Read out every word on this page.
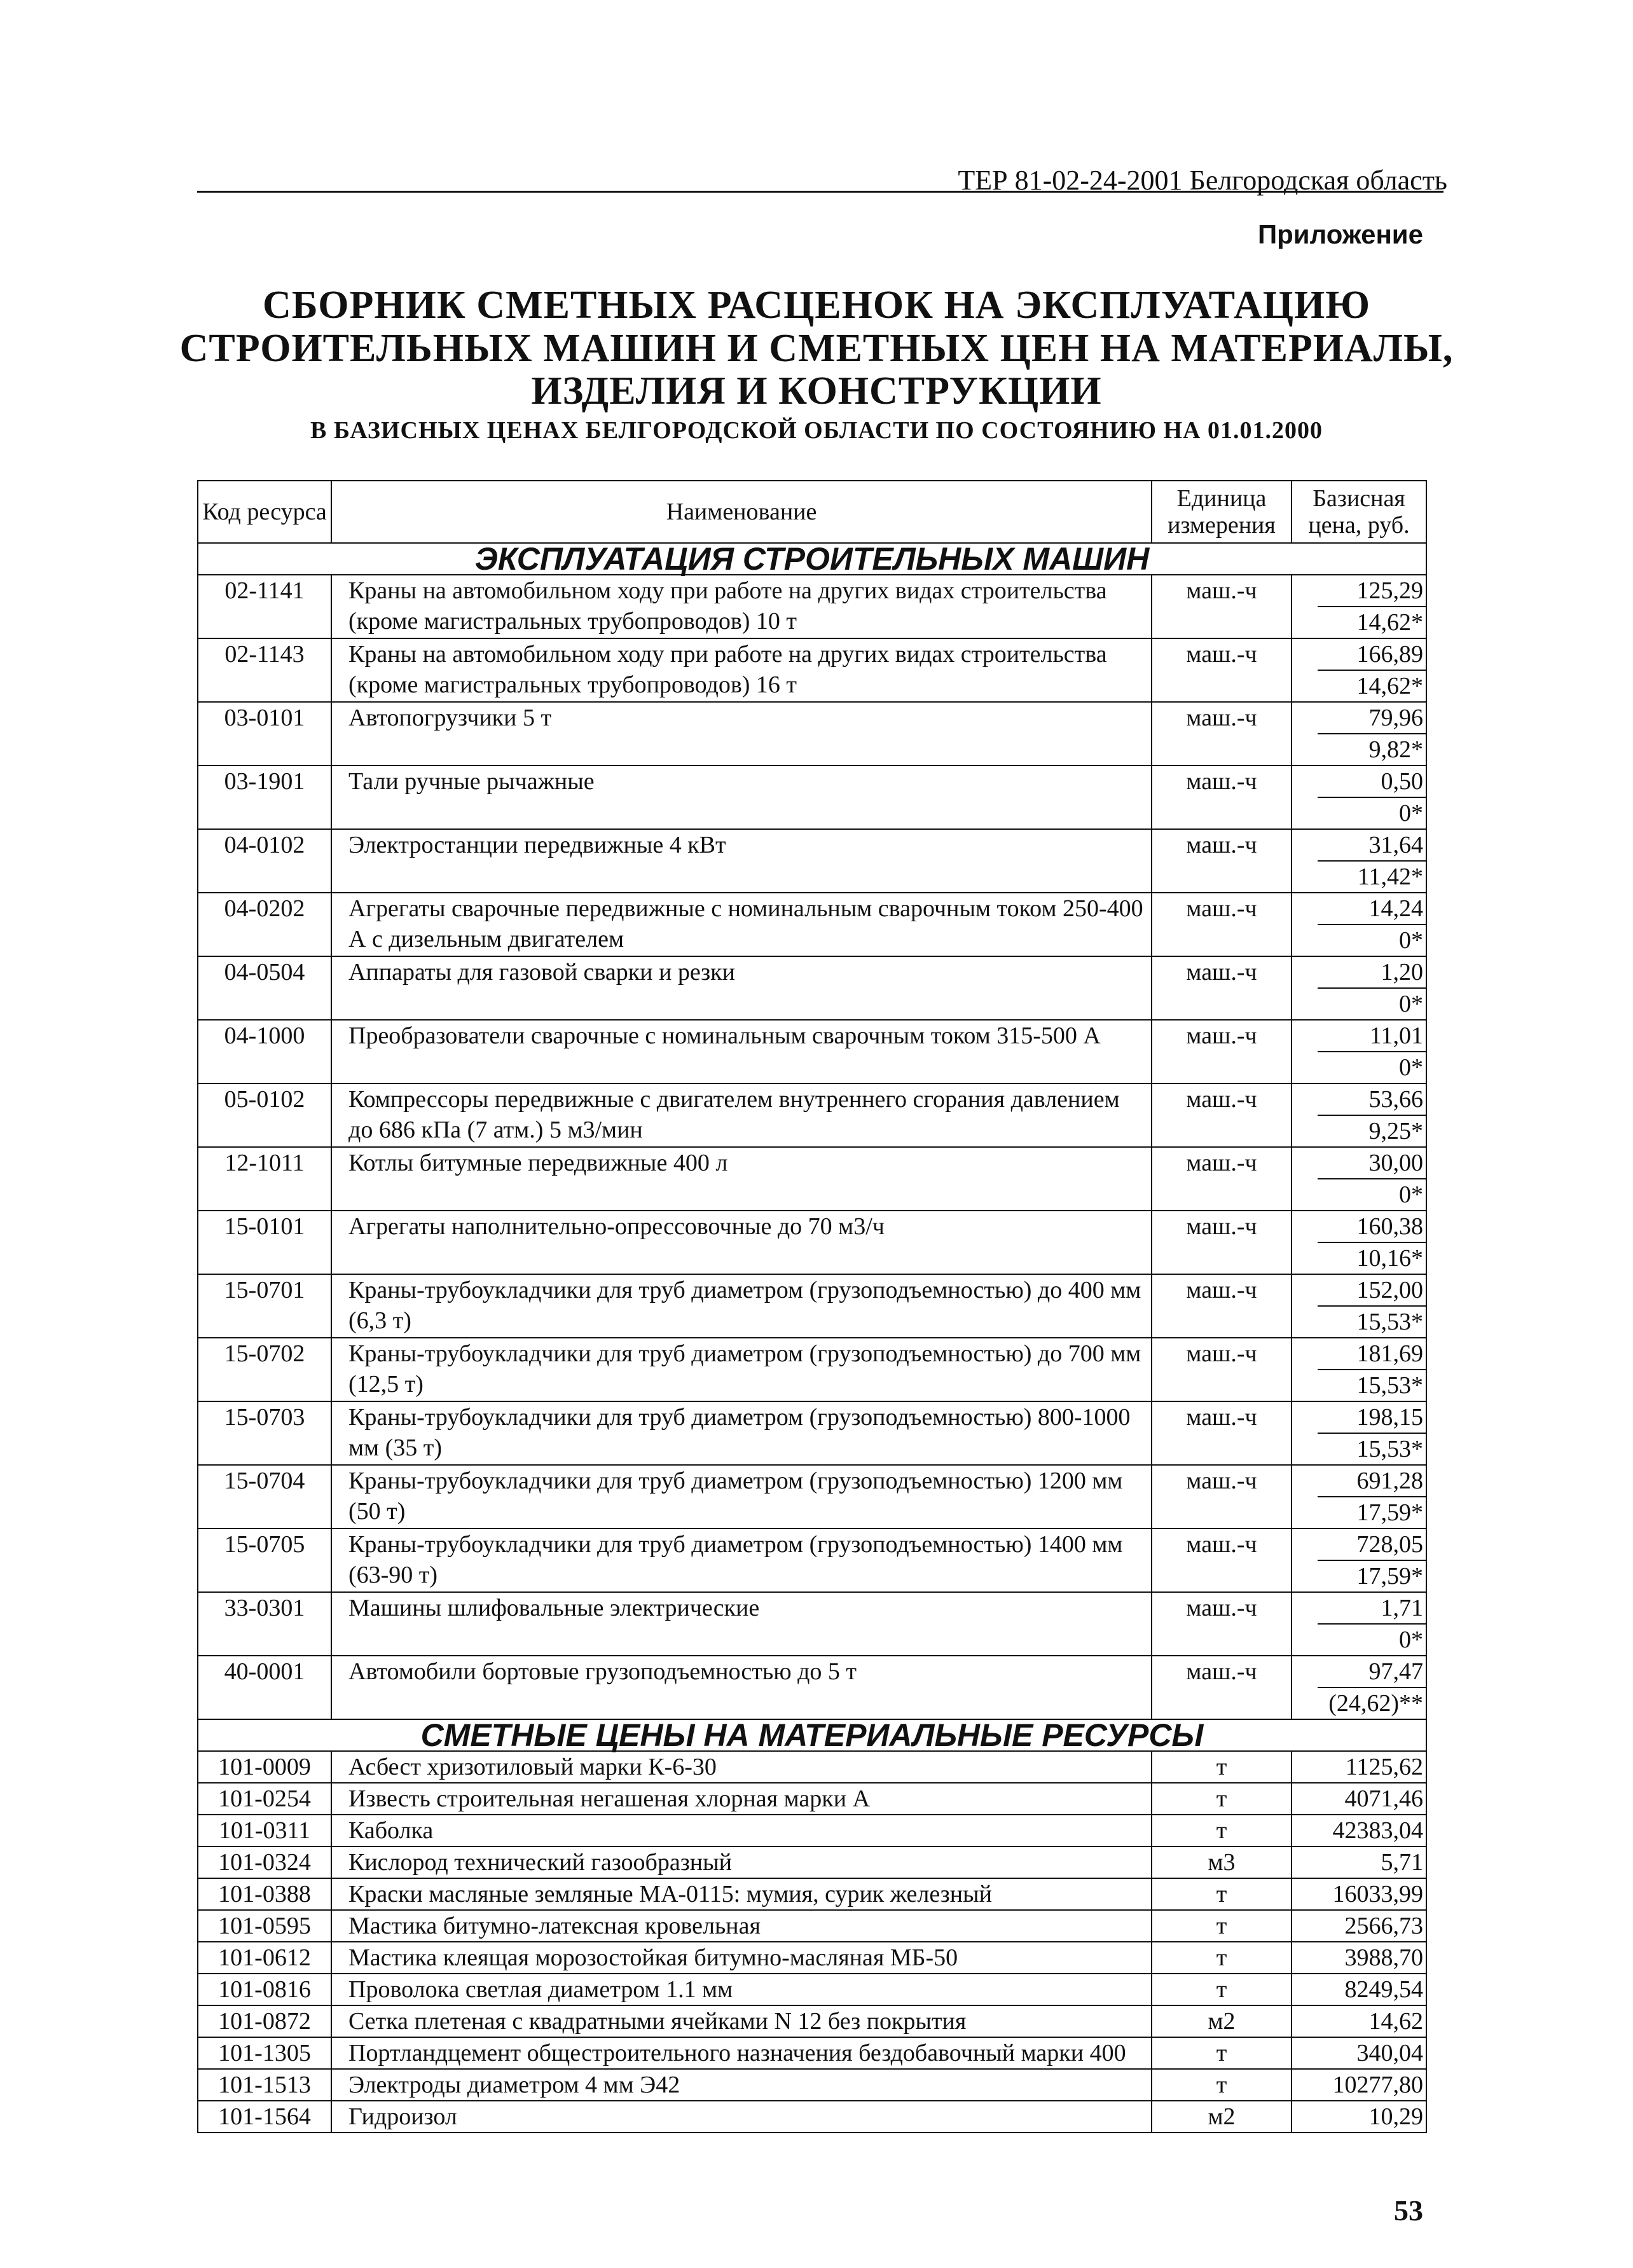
ТЕР 81-02-24-2001 Белгородская область
Приложение
СБОРНИК СМЕТНЫХ РАСЦЕНОК НА ЭКСПЛУАТАЦИЮ
СТРОИТЕЛЬНЫХ МАШИН И СМЕТНЫХ ЦЕН НА МАТЕРИАЛЫ,
ИЗДЕЛИЯ И КОНСТРУКЦИИ
В БАЗИСНЫХ ЦЕНАХ БЕЛГОРОДСКОЙ ОБЛАСТИ ПО СОСТОЯНИЮ НА 01.01.2000
Код ресурса	Наименование	Единица измерения	Базисная цена, руб.
ЭКСПЛУАТАЦИЯ СТРОИТЕЛЬНЫХ МАШИН			
02-1141	Краны на автомобильном ходу при работе на других видах строительства (кроме магистральных трубопроводов) 10 т	маш.-ч	125,29
14,62*

02-1143	Краны на автомобильном ходу при работе на других видах строительства (кроме магистральных трубопроводов) 16 т	маш.-ч	166,89
14,62*

03-0101	Автопогрузчики 5 т	маш.-ч	79,96
9,82*

03-1901	Тали ручные рычажные	маш.-ч	0,50
0*

04-0102	Электростанции передвижные 4 кВт	маш.-ч	31,64
11,42*

04-0202	Агрегаты сварочные передвижные с номинальным сварочным током 250-400 А с дизельным двигателем	маш.-ч	14,24
0*

04-0504	Аппараты для газовой сварки и резки	маш.-ч	1,20
0*

04-1000	Преобразователи сварочные с номинальным сварочным током 315-500 А	маш.-ч	11,01
0*

05-0102	Компрессоры передвижные с двигателем внутреннего сгорания давлением до 686 кПа (7 атм.) 5 м3/мин	маш.-ч	53,66
9,25*

12-1011	Котлы битумные передвижные 400 л	маш.-ч	30,00
0*

15-0101	Агрегаты наполнительно-опрессовочные до 70 м3/ч	маш.-ч	160,38
10,16*

15-0701	Краны-трубоукладчики для труб диаметром (грузоподъемностью) до 400 мм (6,3 т)	маш.-ч	152,00
15,53*

15-0702	Краны-трубоукладчики для труб диаметром (грузоподъемностью) до 700 мм (12,5 т)	маш.-ч	181,69
15,53*

15-0703	Краны-трубоукладчики для труб диаметром (грузоподъемностью) 800-1000 мм (35 т)	маш.-ч	198,15
15,53*

15-0704	Краны-трубоукладчики для труб диаметром (грузоподъемностью) 1200 мм (50 т)	маш.-ч	691,28
17,59*

15-0705	Краны-трубоукладчики для труб диаметром (грузоподъемностью) 1400 мм (63-90 т)	маш.-ч	728,05
17,59*

33-0301	Машины шлифовальные электрические	маш.-ч	1,71
0*

40-0001	Автомобили бортовые грузоподъемностью до 5 т	маш.-ч	97,47
(24,62)**

СМЕТНЫЕ ЦЕНЫ НА МАТЕРИАЛЬНЫЕ РЕСУРСЫ			
101-0009	Асбест хризотиловый марки К-6-30	т	1125,62

101-0254	Известь строительная негашеная хлорная марки А	т	4071,46

101-0311	Каболка	т	42383,04

101-0324	Кислород технический газообразный	м3	5,71

101-0388	Краски масляные земляные МА-0115: мумия, сурик железный	т	16033,99

101-0595	Мастика битумно-латексная кровельная	т	2566,73

101-0612	Мастика клеящая морозостойкая битумно-масляная МБ-50	т	3988,70

101-0816	Проволока светлая диаметром 1.1 мм	т	8249,54

101-0872	Сетка плетеная с квадратными ячейками N 12 без покрытия	м2	14,62

101-1305	Портландцемент общестроительного назначения бездобавочный марки 400	т	340,04

101-1513	Электроды диаметром 4 мм Э42	т	10277,80

101-1564	Гидроизол	м2	10,29
53
